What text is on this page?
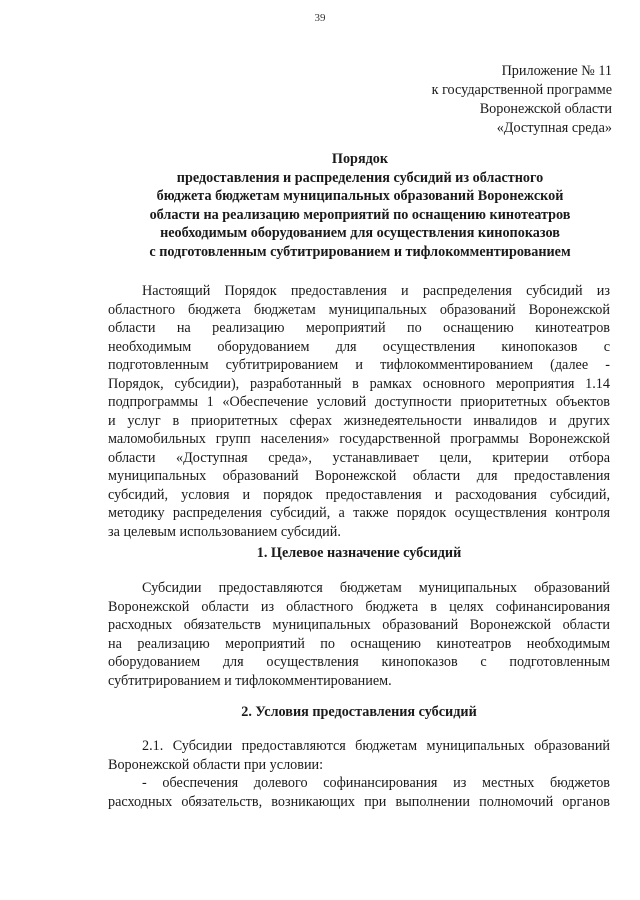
39
Приложение № 11
к государственной программе
Воронежской области
«Доступная среда»
Порядок
предоставления и распределения субсидий из областного
бюджета бюджетам муниципальных образований Воронежской
области на реализацию мероприятий по оснащению кинотеатров
необходимым оборудованием для осуществления кинопоказов
с подготовленным субтитрированием и тифлокомментированием
Настоящий Порядок предоставления и распределения субсидий из
областного бюджета бюджетам муниципальных образований Воронежской
области на реализацию мероприятий по оснащению кинотеатров
необходимым оборудованием для осуществления кинопоказов с
подготовленным субтитрированием и тифлокомментированием (далее -
Порядок, субсидии), разработанный в рамках основного мероприятия 1.14
подпрограммы 1 «Обеспечение условий доступности приоритетных объектов
и услуг в приоритетных сферах жизнедеятельности инвалидов и других
маломобильных групп населения» государственной программы Воронежской
области «Доступная среда», устанавливает цели, критерии отбора
муниципальных образований Воронежской области для предоставления
субсидий, условия и порядок предоставления и расходования субсидий,
методику распределения субсидий, а также порядок осуществления контроля
за целевым использованием субсидий.
1. Целевое назначение субсидий
Субсидии предоставляются бюджетам муниципальных образований
Воронежской области из областного бюджета в целях софинансирования
расходных обязательств муниципальных образований Воронежской области
на реализацию мероприятий по оснащению кинотеатров необходимым
оборудованием для осуществления кинопоказов с подготовленным
субтитрированием и тифлокомментированием.
2. Условия предоставления субсидий
2.1. Субсидии предоставляются бюджетам муниципальных образований
Воронежской области при условии:
- обеспечения долевого софинансирования из местных бюджетов
расходных обязательств, возникающих при выполнении полномочий органов
